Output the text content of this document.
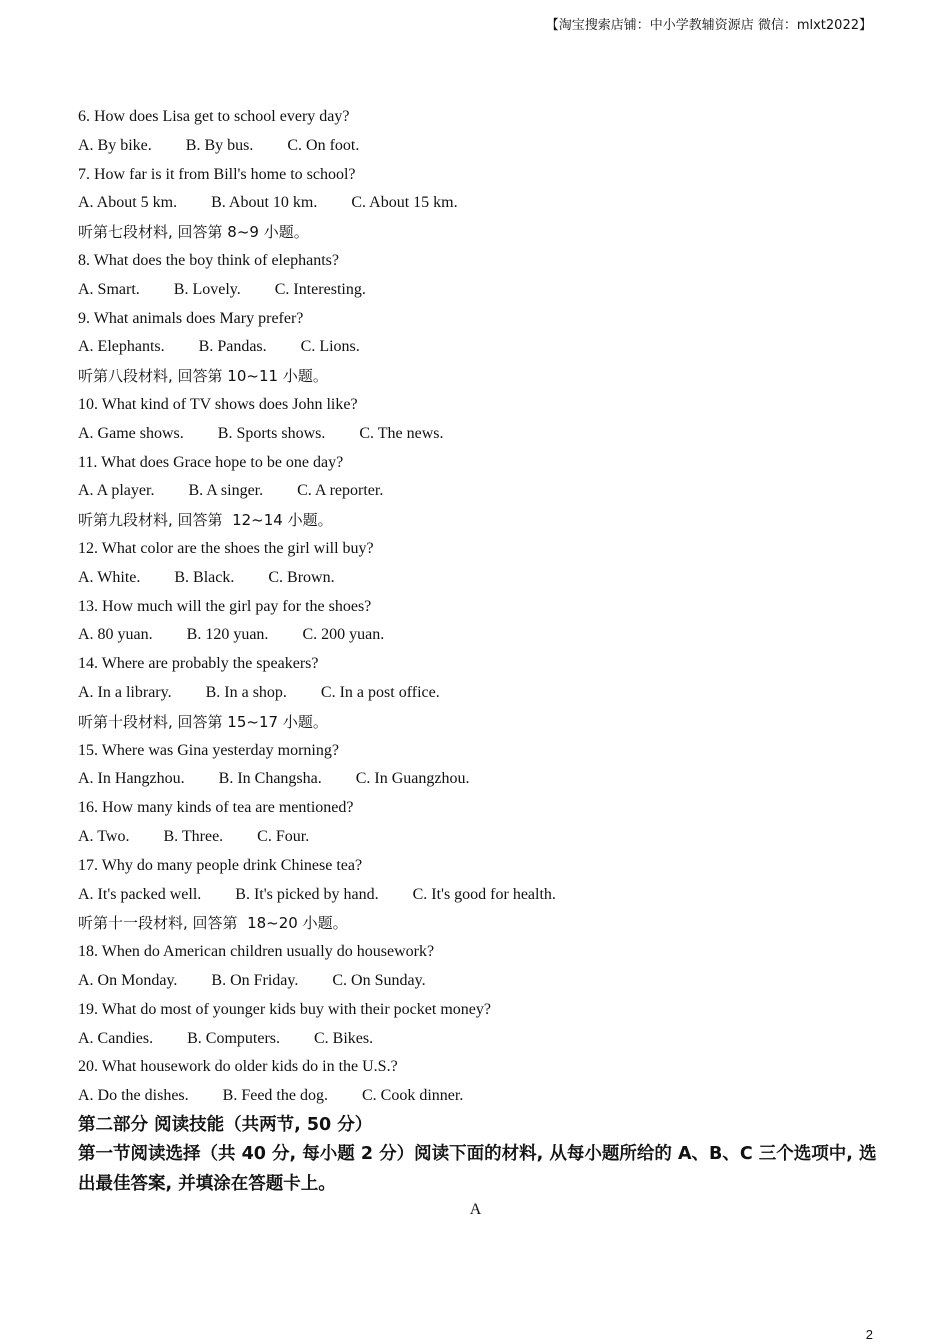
【淘宝搜索店铺：中小学教辅资源店 微信：mlxt2022】
6. How does Lisa get to school every day?
A. By bike. B. By bus. C. On foot.
7. How far is it from Bill's home to school?
A. About 5 km. B. About 10 km. C. About 15 km.
听第七段材料, 回答第 8~9 小题。
8. What does the boy think of elephants?
A. Smart. B. Lovely. C. Interesting.
9. What animals does Mary prefer?
A. Elephants. B. Pandas. C. Lions.
听第八段材料, 回答第 10~11 小题。
10. What kind of TV shows does John like?
A. Game shows. B. Sports shows. C. The news.
11. What does Grace hope to be one day?
A. A player. B. A singer. C. A reporter.
听第九段材料, 回答第  12~14 小题。
12. What color are the shoes the girl will buy?
A. White. B. Black. C. Brown.
13. How much will the girl pay for the shoes?
A. 80 yuan. B. 120 yuan. C. 200 yuan.
14. Where are probably the speakers?
A. In a library. B. In a shop. C. In a post office.
听第十段材料, 回答第 15~17 小题。
15. Where was Gina yesterday morning?
A. In Hangzhou. B. In Changsha. C. In Guangzhou.
16. How many kinds of tea are mentioned?
A. Two. B. Three. C. Four.
17. Why do many people drink Chinese tea?
A. It's packed well. B. It's picked by hand. C. It's good for health.
听第十一段材料, 回答第  18~20 小题。
18. When do American children usually do housework?
A. On Monday. B. On Friday. C. On Sunday.
19. What do most of younger kids buy with their pocket money?
A. Candies. B. Computers. C. Bikes.
20. What housework do older kids do in the U.S.?
A. Do the dishes. B. Feed the dog. C. Cook dinner.
第二部分 阅读技能（共两节, 50 分）
第一节阅读选择（共 40 分, 每小题 2 分）阅读下面的材料, 从每小题所给的 A、B、C 三个选项中, 选出最佳答案, 并填涂在答题卡上。
A
2
